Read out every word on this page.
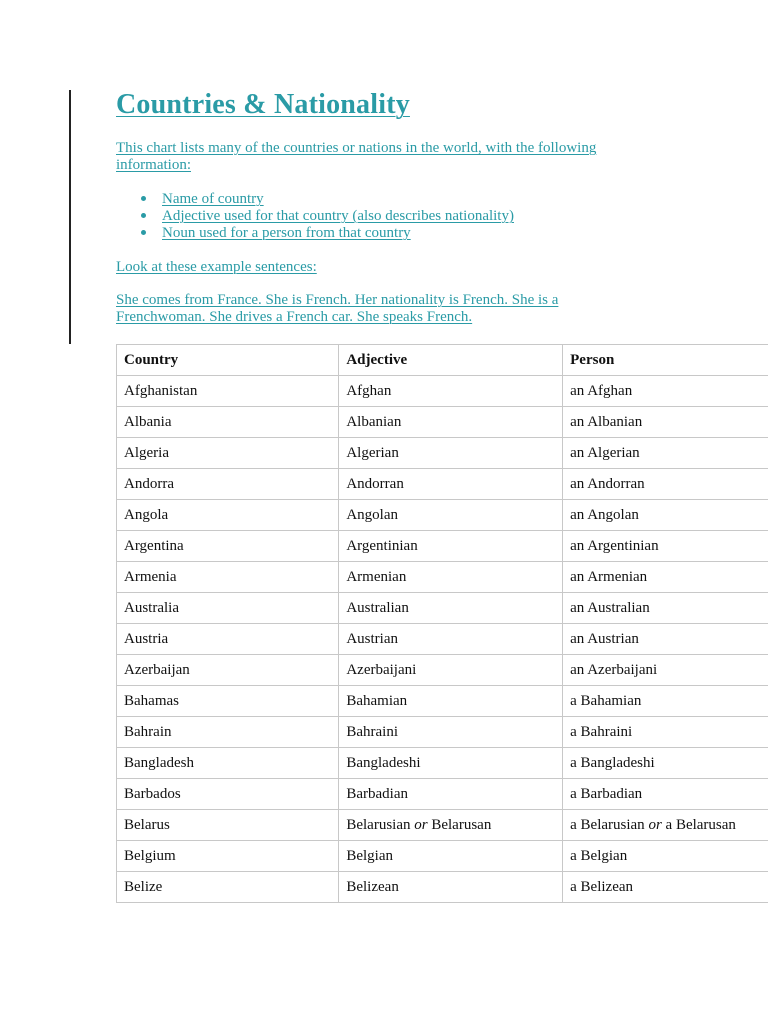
Countries & Nationality

This chart lists many of the countries or nations in the world, with the following information:

Name of country
Adjective used for that country (also describes nationality)
Noun used for a person from that country

Look at these example sentences:

She comes from France. She is French. Her nationality is French. She is a Frenchwoman. She drives a French car. She speaks French.

Country	Adjective	Person
Afghanistan	Afghan	an Afghan
Albania	Albanian	an Albanian
Algeria	Algerian	an Algerian
Andorra	Andorran	an Andorran
Angola	Angolan	an Angolan
Argentina	Argentinian	an Argentinian
Armenia	Armenian	an Armenian
Australia	Australian	an Australian
Austria	Austrian	an Austrian
Azerbaijan	Azerbaijani	an Azerbaijani
Bahamas	Bahamian	a Bahamian
Bahrain	Bahraini	a Bahraini
Bangladesh	Bangladeshi	a Bangladeshi
Barbados	Barbadian	a Barbadian
Belarus	Belarusian or Belarusan	a Belarusian or a Belarusan
Belgium	Belgian	a Belgian
Belize	Belizean	a Belizean
